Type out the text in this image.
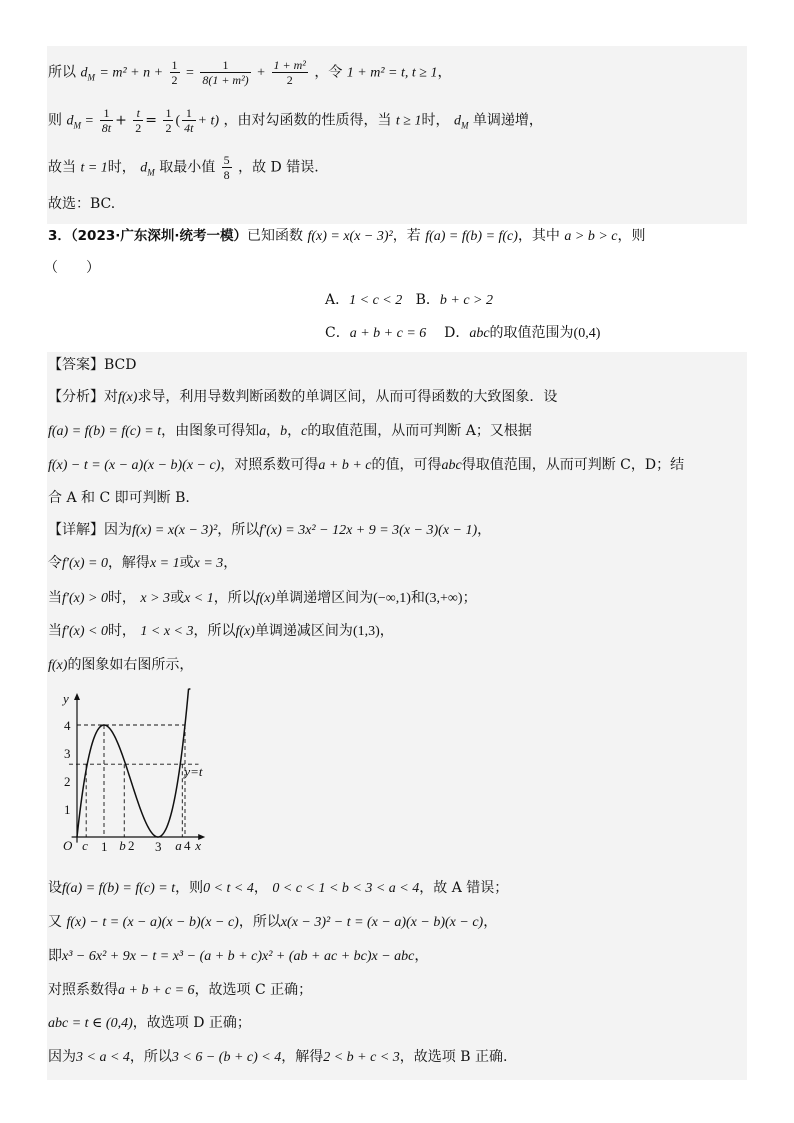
所以 $d_M = m^2 + n + \frac{1}{2} = \frac{1}{\text{8(1 + m²)}} + \frac{\text{1 + m²}}{2}$ ，令 1 + m² = t, t ≥ 1，
则 $d_M = \frac{1}{8t} + \frac{t}{2} = \frac{1}{2}$ ( $\frac{1}{4t} + t$) ，由对勾函数的性质得，当 t ≥ 1时， $d_M$ 单调递增，
故当 t = 1时， $d_M$ 取最小值 $\frac{5}{8}$ ，故 D 错误.
故选：BC.
3．（2023·广东深圳·统考一模）已知函数 f(x) = x(x − 3)²，若 f(a) = f(b) = f(c)，其中 a > b > c，则
（　　）
A．1 < c < 2 B．b + c > 2
C．a + b + c = 6 D．abc的取值范围为(0,4)
【答案】BCD
【分析】对f(x)求导，利用导数判断函数的单调区间，从而可得函数的大致图象．设
f(a) = f(b) = f(c) = t，由图象可得知a，b，c的取值范围，从而可判断 A；又根据
f(x) − t = (x − a)(x − b)(x − c)，对照系数可得a + b + c的值，可得abc得取值范围，从而可判断 C，D；结
合 A 和 C 即可判断 B.
【详解】因为f(x) = x(x − 3)²，所以f′(x) = 3x² − 12x + 9 = 3(x − 3)(x − 1)，
令f′(x) = 0，解得x = 1或x = 3，
当f′(x) > 0时， x > 3或x < 1，所以f(x)单调递增区间为(−∞,1)和(3,+∞)；
当f′(x) < 0时， 1 < x < 3，所以f(x)单调递减区间为(1,3)，
f(x)的图象如右图所示，
1
2
3
4
O c 1 b 2 3 a 4 x
y
y=t
设f(a) = f(b) = f(c) = t，则0 < t < 4， 0 < c < 1 < b < 3 < a < 4，故 A 错误；
又 f(x) − t = (x − a)(x − b)(x − c)，所以x(x − 3)² − t = (x − a)(x − b)(x − c)，
即x³ − 6x² + 9x − t = x³ − (a + b + c)x² + (ab + ac + bc)x − abc，
对照系数得a + b + c = 6，故选项 C 正确；
abc = t ∈ (0,4)，故选项 D 正确；
因为3 < a < 4，所以3 < 6 − (b + c) < 4，解得2 < b + c < 3，故选项 B 正确.
